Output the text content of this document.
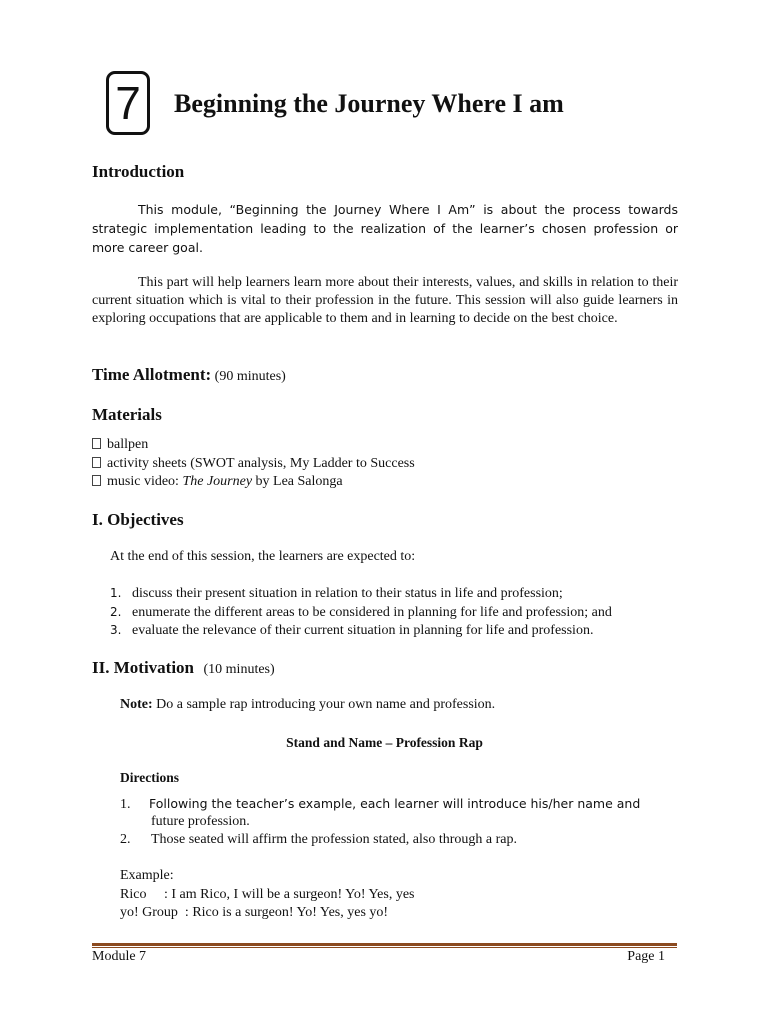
7	Beginning the Journey Where I am
Introduction
This module, “Beginning the Journey Where I Am” is about the process towards strategic implementation leading to the realization of the learner’s chosen profession or more career goal.
This part will help learners learn more about their interests, values, and skills in relation to their current situation which is vital to their profession in the future. This session will also guide learners in exploring occupations that are applicable to them and in learning to decide on the best choice.
Time Allotment: (90 minutes)
Materials
ballpen
activity sheets (SWOT analysis, My Ladder to Success
music video: The Journey by Lea Salonga
I. Objectives
At the end of this session, the learners are expected to:
1. discuss their present situation in relation to their status in life and profession;
2. enumerate the different areas to be considered in planning for life and profession; and
3. evaluate the relevance of their current situation in planning for life and profession.
II. Motivation (10 minutes)
Note: Do a sample rap introducing your own name and profession.
Stand and Name – Profession Rap
Directions
1. Following the teacher’s example, each learner will introduce his/her name and
future profession.
2. Those seated will affirm the profession stated, also through a rap.
Example:
Rico     : I am Rico, I will be a surgeon! Yo! Yes, yes
yo! Group  : Rico is a surgeon! Yo! Yes, yes yo!
Module 7	Page 1
